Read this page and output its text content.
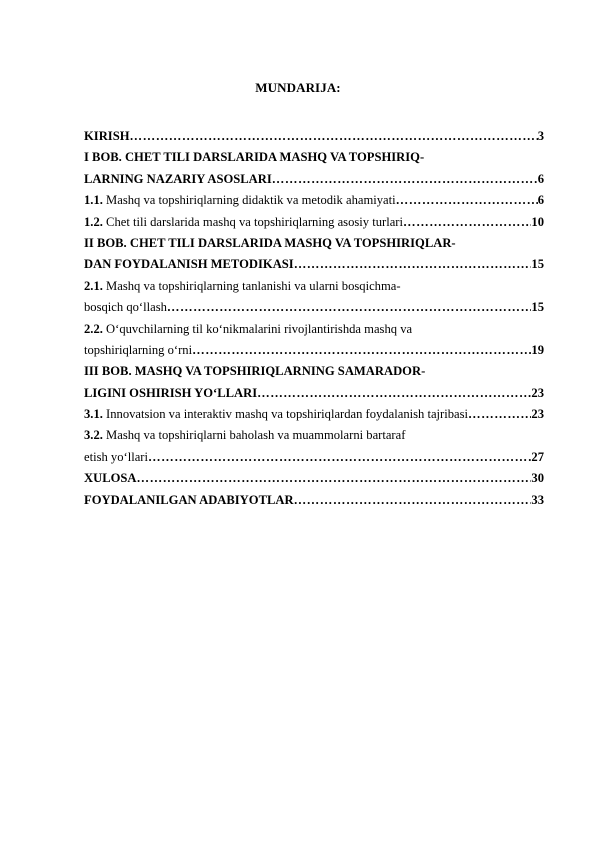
MUNDARIJA:
KIRISH ………………………………………………………………………………………………………………………………………………………………………	3
I BOB. CHET TILI DARSLARIDA MASHQ VA TOPSHIRIQ-
LARNING NAZARIY ASOSLARI ………………………………………………………………………………………………………………………………………………………………………	6
1.1. Mashq va topshiriqlarning didaktik va metodik ahamiyati ………………………………………………………………………………………………………………………………………………………………………	6
1.2. Chet tili darslarida mashq va topshiriqlarning asosiy turlari ………………………………………………………………………………………………………………………………………………………………………	10
II BOB. CHET TILI DARSLARIDA MASHQ VA TOPSHIRIQLAR-
DAN FOYDALANISH METODIKASI ………………………………………………………………………………………………………………………………………………………………………	15
2.1. Mashq va topshiriqlarning tanlanishi va ularni bosqichma-
bosqich qo‘llash ………………………………………………………………………………………………………………………………………………………………………	15
2.2. O‘quvchilarning til ko‘nikmalarini rivojlantirishda mashq va
topshiriqlarning o‘rni ………………………………………………………………………………………………………………………………………………………………………	19
III BOB. MASHQ VA TOPSHIRIQLARNING SAMARADOR-
LIGINI OSHIRISH YO‘LLARI ………………………………………………………………………………………………………………………………………………………………………	23
3.1. Innovatsion va interaktiv mashq va topshiriqlardan foydalanish tajribasi ………………………………………………………………………………………………………………………………………………………………………	23
3.2. Mashq va topshiriqlarni baholash va muammolarni bartaraf
etish yo‘llari ………………………………………………………………………………………………………………………………………………………………………	27
XULOSA ………………………………………………………………………………………………………………………………………………………………………	30
FOYDALANILGAN ADABIYOTLAR ………………………………………………………………………………………………………………………………………………………………………	33
